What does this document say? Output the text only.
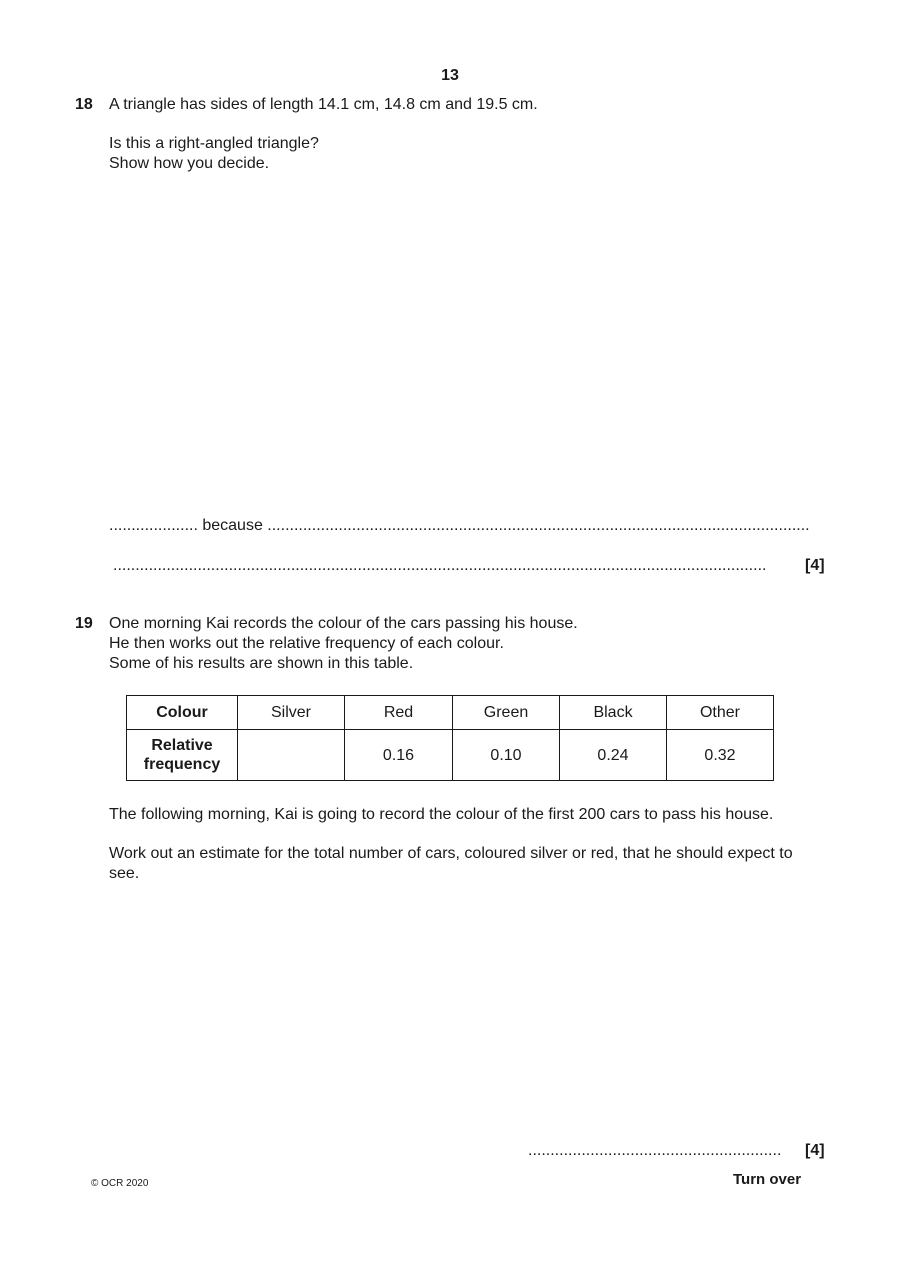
13
18 A triangle has sides of length 14.1 cm, 14.8 cm and 19.5 cm.
Is this a right-angled triangle?
Show how you decide.
.................... because ..........................................................................................................................
...................................................................................................................................................	[4]
19 One morning Kai records the colour of the cars passing his house.
He then works out the relative frequency of each colour.
Some of his results are shown in this table.
Colour	Silver	Red	Green	Black	Other

Relative
frequency		0.16	0.10	0.24	0.32
The following morning, Kai is going to record the colour of the first 200 cars to pass his house.
Work out an estimate for the total number of cars, coloured silver or red, that he should expect to
see.
.........................................................	[4]
© OCR 2020	Turn over
